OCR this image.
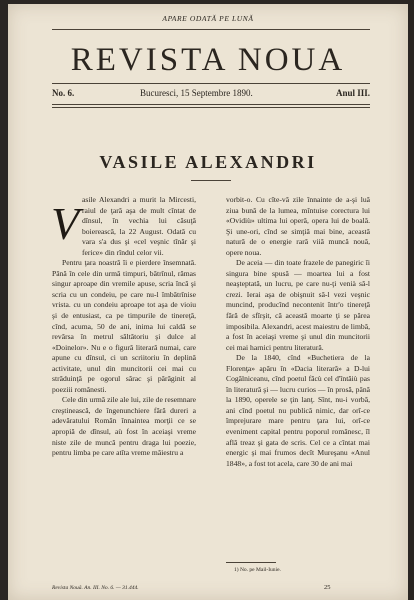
APARE ODATĂ PE LUNĂ
REVISTA NOUA
No. 6.	Bucuresci, 15 Septembre 1890.	Anul III.
VASILE ALEXANDRI

Vasile Alexandri a murit la Mircesti, raiul de ţară aşa de mult cîntat de dînsul, în vechia lui căsuţă boierească, la 22 August. Odată cu vara s'a dus şi «cel veşnic tînăr şi ferice» din rîndul celor vii.

Pentru ţara noastră îi e pierdere însemnată. Până în cele din urmă timpuri, bătrînul, rămas singur aproape din vremile apuse, scria încă şi scria cu un condeiu, pe care nu-l îmbătrînise vrista. cu un condeiu aproape tot aşa de vioiu şi de entusiast, ca pe timpurile de tinereţă, cînd, acuma, 50 de ani, inima lui caldă se revărsa în metrul săltătoriu şi dulce al «Doinelor». Nu e o figură literară numai, care apune cu dînsul, ci un scriitoriu în deplină activitate, unul din muncitorii cei mai cu străduinţă pe ogorul sărac şi părăginit al poeziii românesti.

Cele din urmă zile ale lui, zile de resemnare creştinească, de îngenunchiere fără dureri a adevăratului Român înnaintea morţii ce se apropiă de dînsul, aù fost în aceiaşi vreme niste zile de muncă pentru draga lui poezie, pentru limba pe care atîta vreme măiestru a

vorbit-o. Cu cîte-vă zile înnainte de a-şi luă ziua bună de la lumea, mîntuise corectura lui «Ovidiù» ultima lui operă, opera lui de boală. Şi une-ori, cînd se simţiă mai bine, această natură de o energie rară viiă muncă nouă, opere noua.

De aceia — din toate frazele de panegiric îi singura bine spusă — moartea lui a fost neaşteptată, un lucru, pe care nu-ţi venià să-l crezi. Ierai aşa de obişnuit să-l vezi veşnic muncind, producînd necontenit într'o tinereţă fără de sfîrşit, că această moarte ţi se părea imposibila. Alexandri, acest maiestru de limbă, a fost în aceiaşi vreme şi unul din muncitorii cei mai harnici pentru literatură.

De la 1840, cînd «Buchetiera de la Florenţa» apăru în «Dacia literară» a D-lui Cogălniceanu, cînd poetul făcù cel d'întăiù pas în literatură şi — lucru curios — în prosă, până la 1890, operele se ţin lanţ. Sînt, nu-i vorbă, ani cînd poetul nu publică nimic, dar orî-ce împrejurare mare pentru ţara lui, orî-ce eveniment capital pentru poporul românesc, îl află treaz şi gata de scris. Cel ce a cîntat mai energic şi mai frumos decît Mureşanu «Anul 1848», a fost tot acela, care 30 de ani mai

1) No. pe Mail-Iunie.
Revista Nouă. An. III. No. 6. — 31.444.	25
